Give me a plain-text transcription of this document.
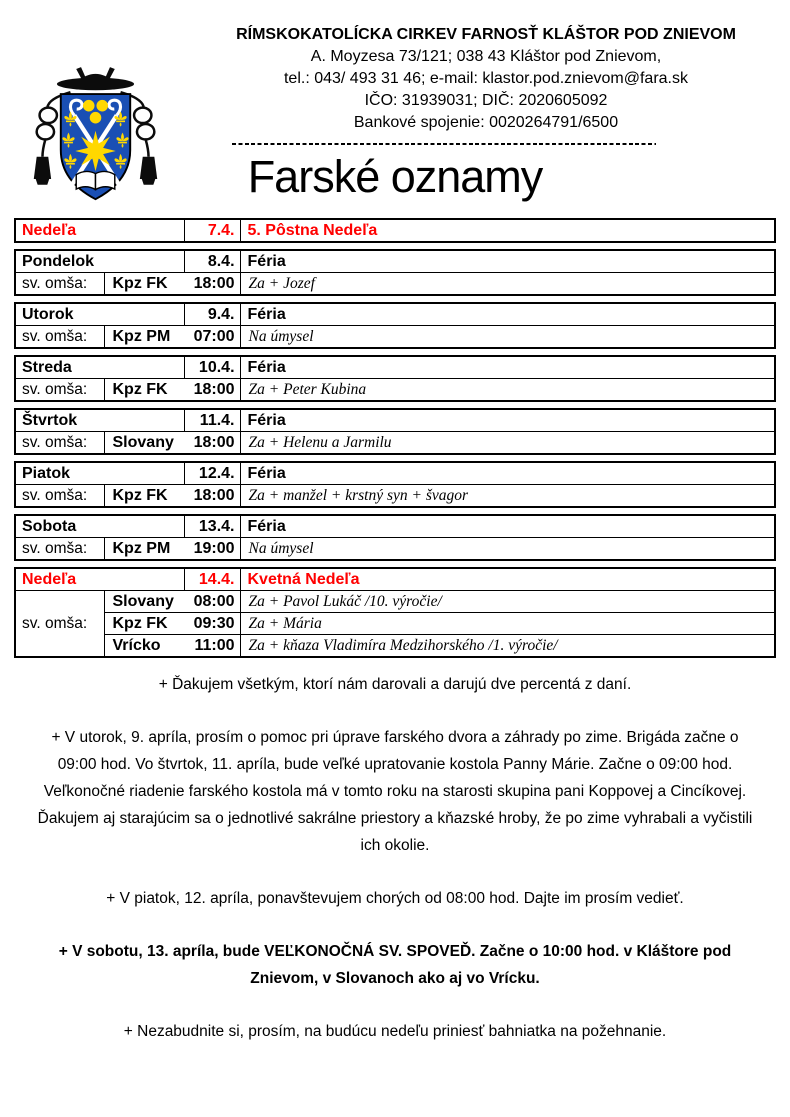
RÍMSKOKATOLÍCKA CIRKEV FARNOSŤ KLÁŠTOR POD ZNIEVOM
A. Moyzesa 73/121; 038 43 Kláštor pod Znievom,
tel.: 043/ 493 31 46; e-mail: klastor.pod.znievom@fara.sk
IČO: 31939031; DIČ: 2020605092
Bankové spojenie: 0020264791/6500
Farské oznamy
Nedeľa	7.4.	5. Pôstna Nedeľa
Pondelok		8.4.	Féria
sv. omša:	Kpz FK	18:00	Za + Jozef
Utorok		9.4.	Féria
sv. omša:	Kpz PM	07:00	Na úmysel
Streda		10.4.	Féria
sv. omša:	Kpz FK	18:00	Za + Peter Kubina
Štvrtok		11.4.	Féria
sv. omša:	Slovany	18:00	Za + Helenu a Jarmilu
Piatok		12.4.	Féria
sv. omša:	Kpz FK	18:00	Za + manžel + krstný syn + švagor
Sobota		13.4.	Féria
sv. omša:	Kpz PM	19:00	Na úmysel
Nedeľa		14.4.	Kvetná Nedeľa
sv. omša:	Slovany	08:00	Za + Pavol Lukáč /10. výročie/
	Kpz FK	09:30	Za + Mária
	Vrícko	11:00	Za + kňaza Vladimíra Medzihorského /1. výročie/

+ Ďakujem všetkým, ktorí nám darovali a darujú dve percentá z daní.

+ V utorok, 9. apríla, prosím o pomoc pri úprave farského dvora a záhrady po zime. Brigáda začne o 09:00 hod. Vo štvrtok, 11. apríla, bude veľké upratovanie kostola Panny Márie. Začne o 09:00 hod. Veľkonočné riadenie farského kostola má v tomto roku na starosti skupina pani Koppovej a Cincíkovej. Ďakujem aj starajúcim sa o jednotlivé sakrálne priestory a kňazské hroby, že po zime vyhrabali a vyčistili ich okolie.

+ V piatok, 12. apríla, ponavštevujem chorých od 08:00 hod. Dajte im prosím vedieť.

+ V sobotu, 13. apríla, bude VEĽKONOČNÁ SV. SPOVEĎ. Začne o 10:00 hod. v Kláštore pod Znievom, v Slovanoch ako aj vo Vrícku.

+ Nezabudnite si, prosím, na budúcu nedeľu priniesť bahniatka na požehnanie.
